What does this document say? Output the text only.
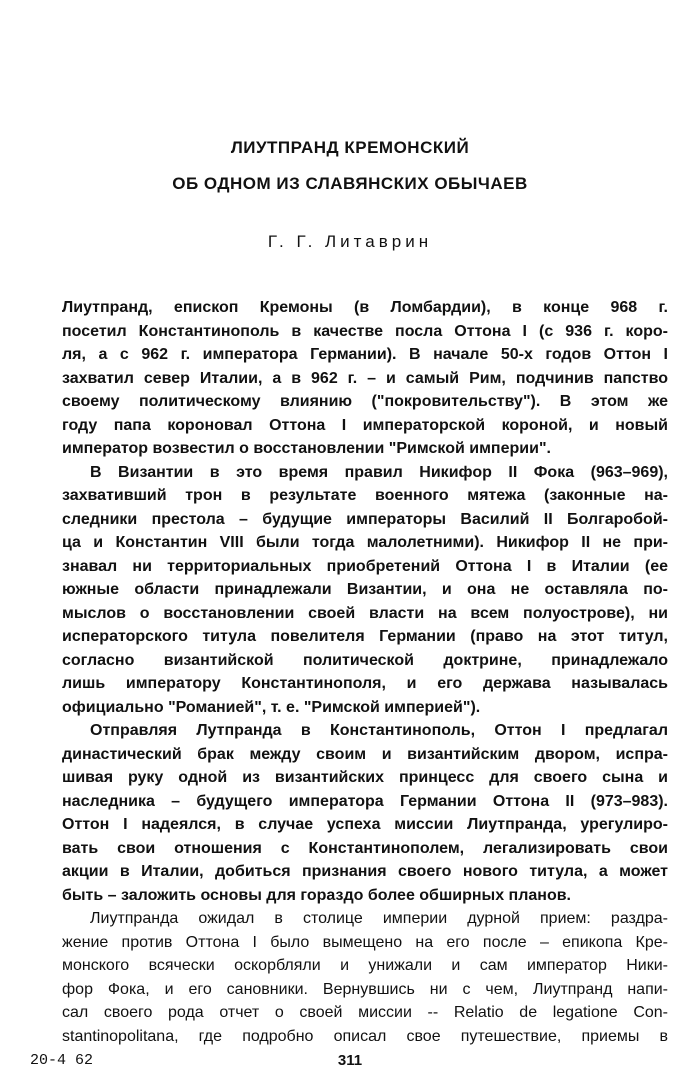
ЛИУТПРАНД КРЕМОНСКИЙ
ОБ ОДНОМ ИЗ СЛАВЯНСКИХ ОБЫЧАЕВ

Г. Г. Литаврин

Лиутпранд, епископ Кремоны (в Ломбардии), в конце 968 г.
посетил Константинополь в качестве посла Оттона I (с 936 г. коро-
ля, а с 962 г. императора Германии). В начале 50-х годов Оттон I
захватил север Италии, а в 962 г. – и самый Рим, подчинив папство
своему политическому влиянию ("покровительству"). В этом же
году папа короновал Оттона I императорской короной, и новый
император возвестил о восстановлении "Римской империи".
В Византии в это время правил Никифор II Фока (963–969),
захвативший трон в результате военного мятежа (законные на-
следники престола – будущие императоры Василий II Болгаробой-
ца и Константин VIII были тогда малолетними). Никифор II не при-
знавал ни территориальных приобретений Оттона I в Италии (ее
южные области принадлежали Византии, и она не оставляла по-
мыслов о восстановлении своей власти на всем полуострове), ни
исператорского титула повелителя Германии (право на этот титул,
согласно византийской политической доктрине, принадлежало
лишь императору Константинополя, и его держава называлась
официально "Романией", т. е. "Римской империей").
Отправляя Лутпранда в Константинополь, Оттон I предлагал
династический брак между своим и византийским двором, испра-
шивая руку одной из византийских принцесс для своего сына и
наследника – будущего императора Германии Оттона II (973–983).
Оттон I надеялся, в случае успеха миссии Лиутпранда, урегулиро-
вать свои отношения с Константинополем, легализировать свои
акции в Италии, добиться признания своего нового титула, а может
быть – заложить основы для гораздо более обширных планов.
Лиутпранда ожидал в столице империи дурной прием: раздра-
жение против Оттона I было вымещено на его после – епикопа Кре-
монского всячески оскорбляли и унижали и сам император Ники-
фор Фока, и его сановники. Вернувшись ни с чем, Лиутпранд напи-
сал своего рода отчет о своей миссии -- Relatio de legatione Con-
stantinopolitana, где подробно описал свое путешествие, приемы в

20-4 62	311
